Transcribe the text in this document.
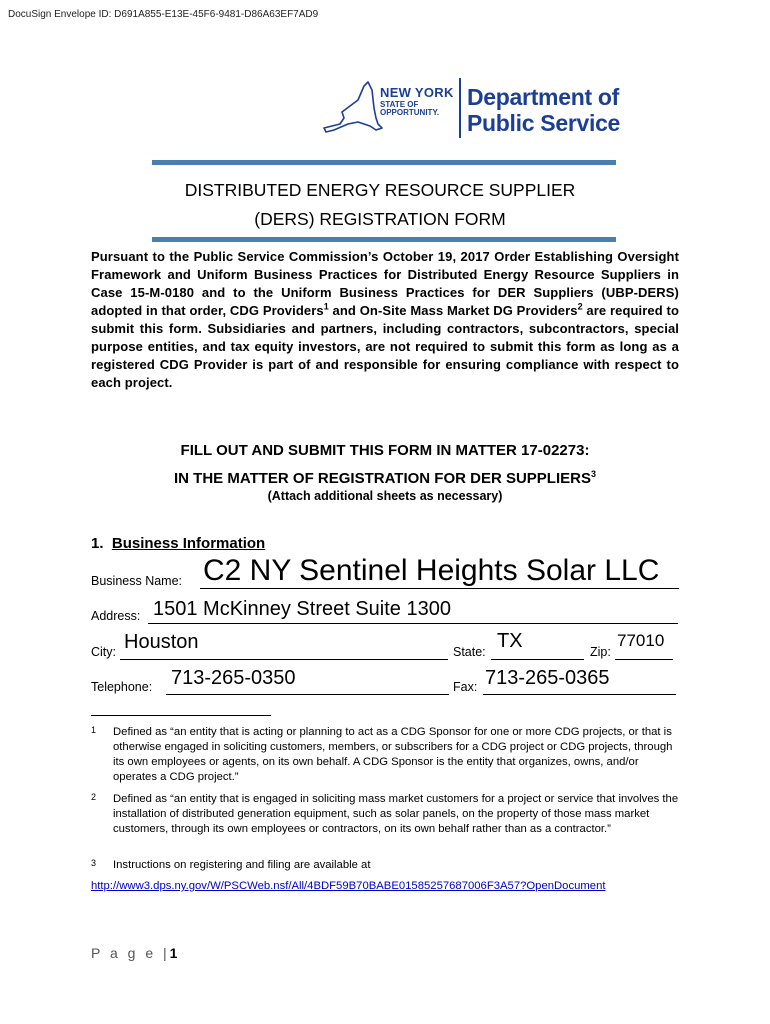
DocuSign Envelope ID: D691A855-E13E-45F6-9481-D86A63EF7AD9
NEW YORK
STATE OF
OPPORTUNITY.
Department of
Public Service
DISTRIBUTED ENERGY RESOURCE SUPPLIER
(DERS) REGISTRATION FORM
Pursuant to the Public Service Commission’s October 19, 2017 Order Establishing Oversight Framework and Uniform Business Practices for Distributed Energy Resource Suppliers in Case 15-M-0180 and to the Uniform Business Practices for DER Suppliers (UBP-DERS) adopted in that order, CDG Providers$^1$ and On-Site Mass Market DG Providers$^2$ are required to submit this form. Subsidiaries and partners, including contractors, subcontractors, special purpose entities, and tax equity investors, are not required to submit this form as long as a registered CDG Provider is part of and responsible for ensuring compliance with respect to each project.
FILL OUT AND SUBMIT THIS FORM IN MATTER 17-02273:
IN THE MATTER OF REGISTRATION FOR DER SUPPLIERS$^3$
(Attach additional sheets as necessary)
1. Business Information
Business Name: C2 NY Sentinel Heights Solar LLC
Address: 1501 McKinney Street Suite 1300
City: Houston	State: TX	Zip:
77010
Telephone: 713-265-0350	Fax: 713-265-0365
1 Defined as “an entity that is acting or planning to act as a CDG Sponsor for one or more CDG projects, or that is otherwise engaged in soliciting customers, members, or subscribers for a CDG project or CDG projects, through its own employees or agents, on its own behalf. A CDG Sponsor is the entity that organizes, owns, and/or operates a CDG project.”
2 Defined as “an entity that is engaged in soliciting mass market customers for a project or service that involves the installation of distributed generation equipment, such as solar panels, on the property of those mass market customers, through its own employees or contractors, on its own behalf rather than as a contractor.”
3 Instructions on registering and filing are available at
http://www3.dps.ny.gov/W/PSCWeb.nsf/All/4BDF59B70BABE01585257687006F3A57?OpenDocument
P a g e |1
